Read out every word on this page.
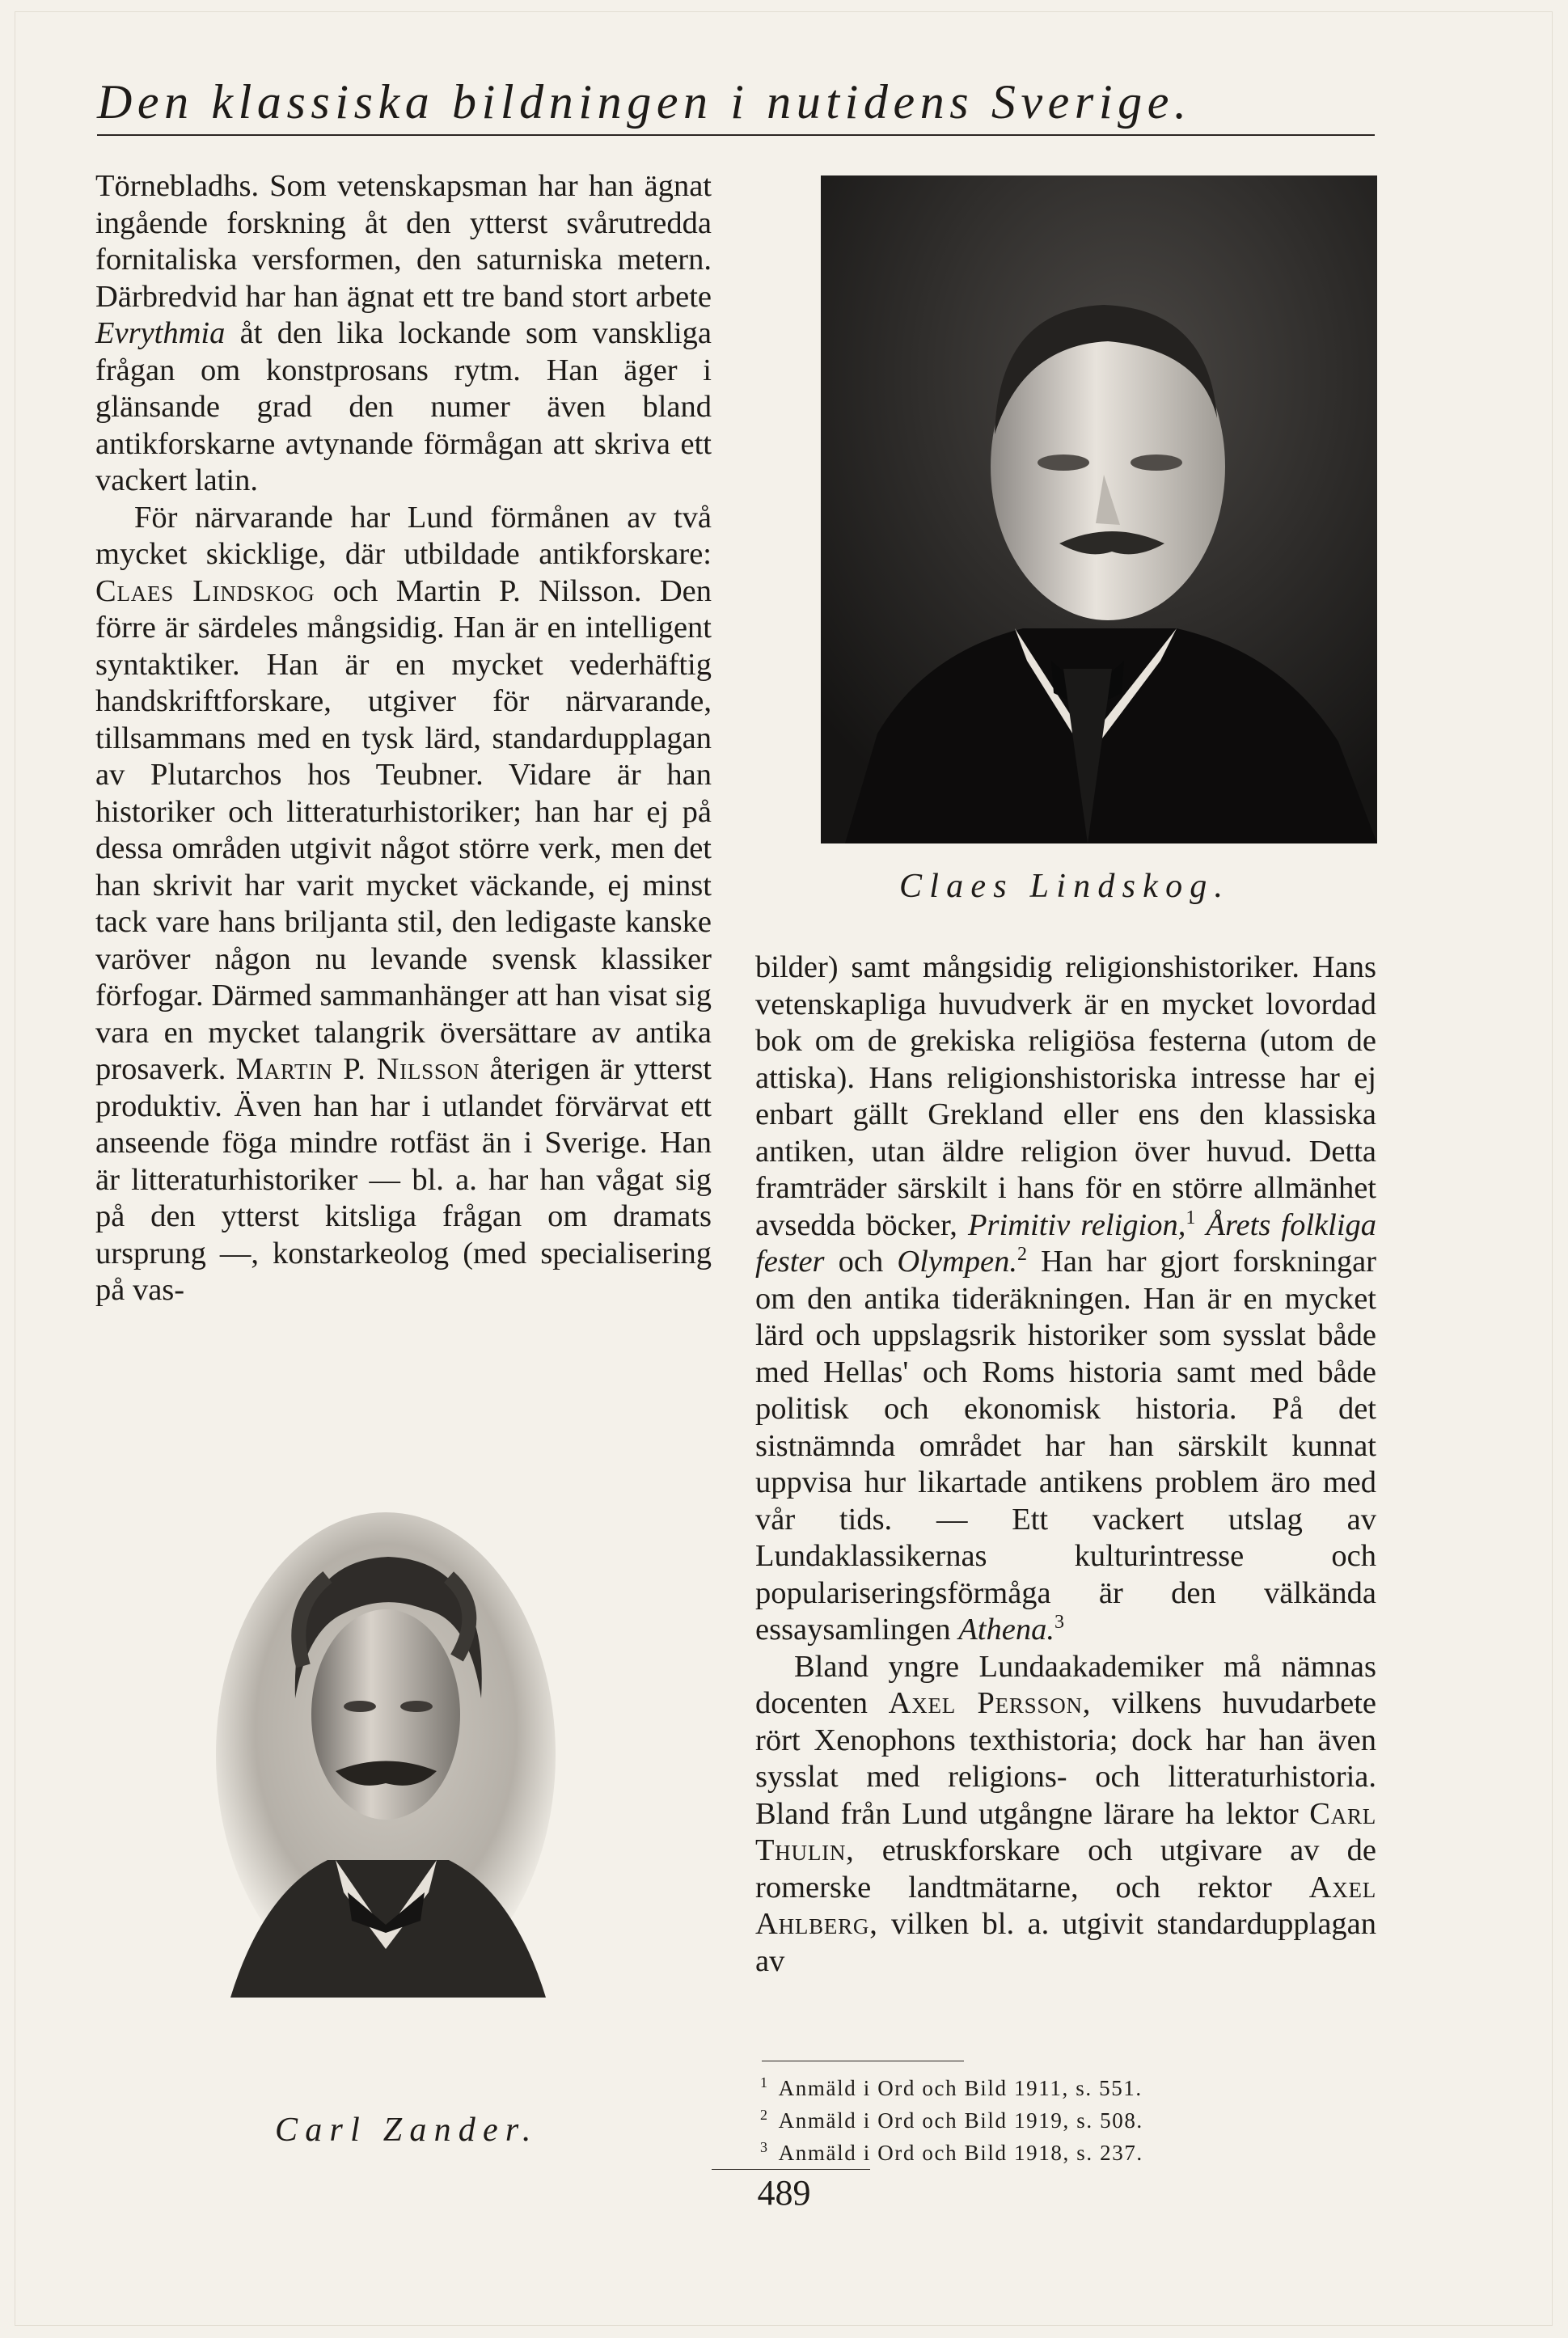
Den klassiska bildningen i nutidens Sverige.

Törnebladhs. Som vetenskapsman har han ägnat ingående forskning åt den ytterst svårutredda fornitaliska versformen, den saturniska metern. Därbredvid har han ägnat ett tre band stort arbete Evrythmia åt den lika lockande som vanskliga frågan om konstprosans rytm. Han äger i glänsande grad den numer även bland antikforskarne avtynande förmågan att skriva ett vackert latin.

För närvarande har Lund förmånen av två mycket skicklige, där utbildade antikforskare: Claes Lindskog och Martin P. Nilsson. Den förre är särdeles mångsidig. Han är en intelligent syntaktiker. Han är en mycket vederhäftig handskriftforskare, utgiver för närvarande, tillsammans med en tysk lärd, standardupplagan av Plutarchos hos Teubner. Vidare är han historiker och litteraturhistoriker; han har ej på dessa områden utgivit något större verk, men det han skrivit har varit mycket väckande, ej minst tack vare hans briljanta stil, den ledigaste kanske varöver någon nu levande svensk klassiker förfogar. Därmed sammanhänger att han visat sig vara en mycket talangrik översättare av antika prosaverk. Martin P. Nilsson återigen är ytterst produktiv. Även han har i utlandet förvärvat ett anseende föga mindre rotfäst än i Sverige. Han är litteraturhistoriker — bl. a. har han vågat sig på den ytterst kitsliga frågan om dramats ursprung —, konstarkeolog (med specialisering på vas-

Claes Lindskog.

bilder) samt mångsidig religionshistoriker. Hans vetenskapliga huvudverk är en mycket lovordad bok om de grekiska religiösa festerna (utom de attiska). Hans religionshistoriska intresse har ej enbart gällt Grekland eller ens den klassiska antiken, utan äldre religion över huvud. Detta framträder särskilt i hans för en större allmänhet avsedda böcker, Primitiv religion,$^1$ Årets folkliga fester och Olympen.$^2$ Han har gjort forskningar om den antika tideräkningen. Han är en mycket lärd och uppslagsrik historiker som sysslat både med Hellas' och Roms historia samt med både politisk och ekonomisk historia. På det sistnämnda området har han särskilt kunnat uppvisa hur likartade antikens problem äro med vår tids. — Ett vackert utslag av Lundaklassikernas kulturintresse och populariseringsförmåga är den välkända essaysamlingen Athena.$^3$

Bland yngre Lundaakademiker må nämnas docenten Axel Persson, vilkens huvudarbete rört Xenophons texthistoria; dock har han även sysslat med religions- och litteraturhistoria. Bland från Lund utgångne lärare ha lektor Carl Thulin, etruskforskare och utgivare av de romerske landtmätarne, och rektor Axel Ahlberg, vilken bl. a. utgivit standardupplagan av

Carl Zander.
$^1$ Anmäld i Ord och Bild 1911, s. 551.
$^2$ Anmäld i Ord och Bild 1919, s. 508.
$^3$ Anmäld i Ord och Bild 1918, s. 237.
489
